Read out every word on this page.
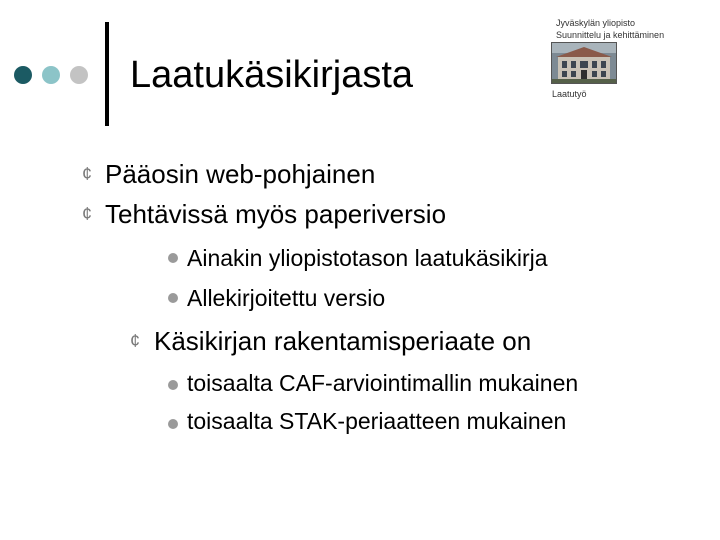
Laatukäsikirjasta
Jyväskylän yliopisto
Suunnittelu ja kehittäminen
Laatutyö
¢ Pääosin web-pohjainen
¢ Tehtävissä myös paperiversio
Ainakin yliopistotason laatukäsikirja
Allekirjoitettu versio
¢ Käsikirjan rakentamisperiaate on
toisaalta CAF-arviointimallin mukainen
toisaalta STAK-periaatteen mukainen
